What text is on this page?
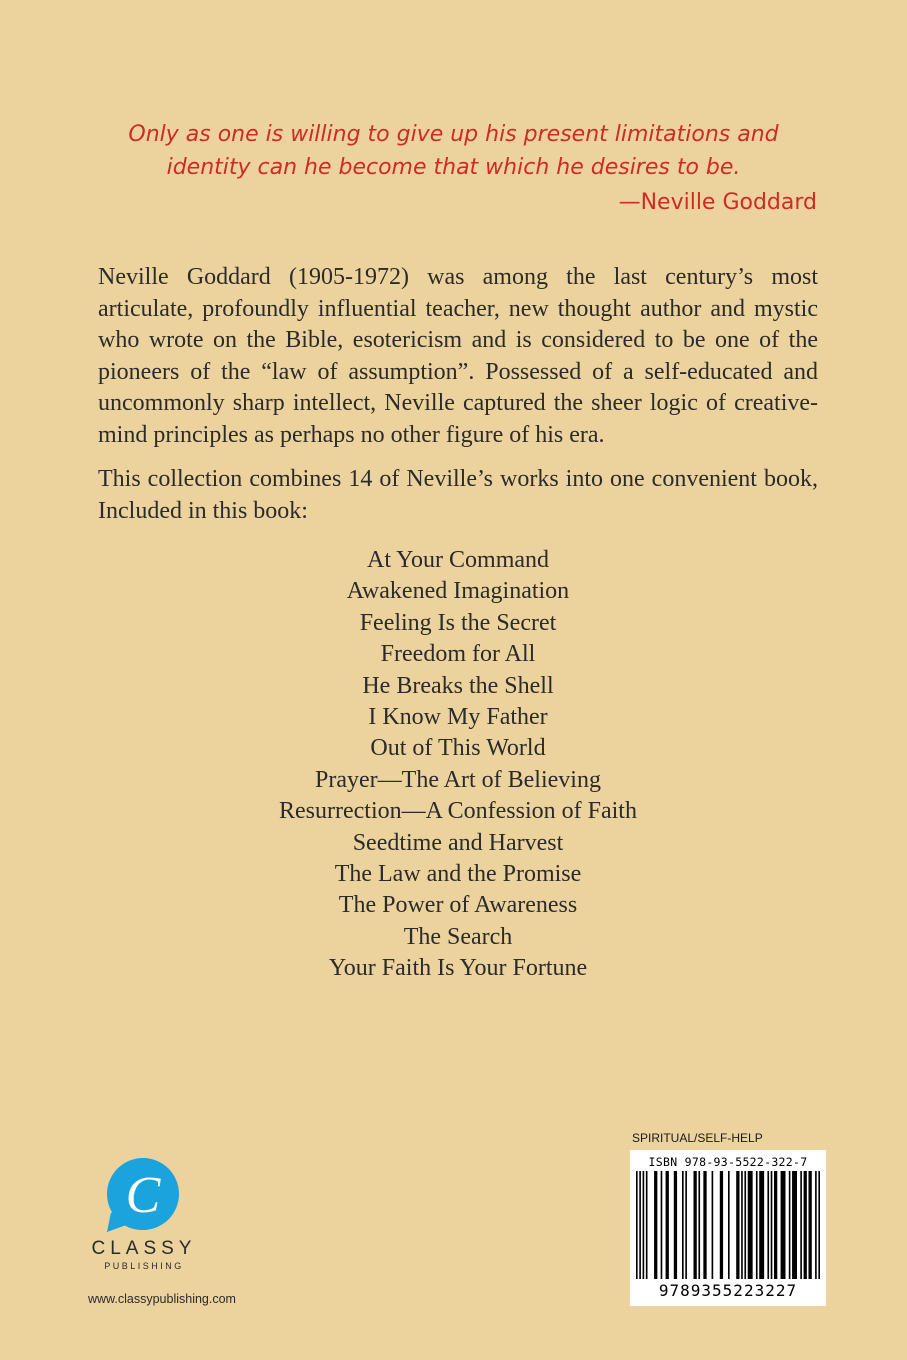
Only as one is willing to give up his present limitations and

identity can he become that which he desires to be.

—Neville Goddard

Neville Goddard (1905-1972) was among the last century’s most articulate, profoundly influential teacher, new thought author and mystic who wrote on the Bible, esotericism and is considered to be one of the pioneers of the “law of assumption”. Possessed of a self-educated and uncommonly sharp intellect, Neville captured the sheer logic of creative-mind principles as perhaps no other figure of his era.

This collection combines 14 of Neville’s works into one convenient book, Included in this book:

At Your Command
Awakened Imagination
Feeling Is the Secret
Freedom for All
He Breaks the Shell
I Know My Father
Out of This World
Prayer—The Art of Believing
Resurrection—A Confession of Faith
Seedtime and Harvest
The Law and the Promise
The Power of Awareness
The Search
Your Faith Is Your Fortune
SPIRITUAL/SELF-HELP
ISBN 978-93-5522-322-7
9789355223227
C
CLASSY
PUBLISHING
www.classypublishing.com
